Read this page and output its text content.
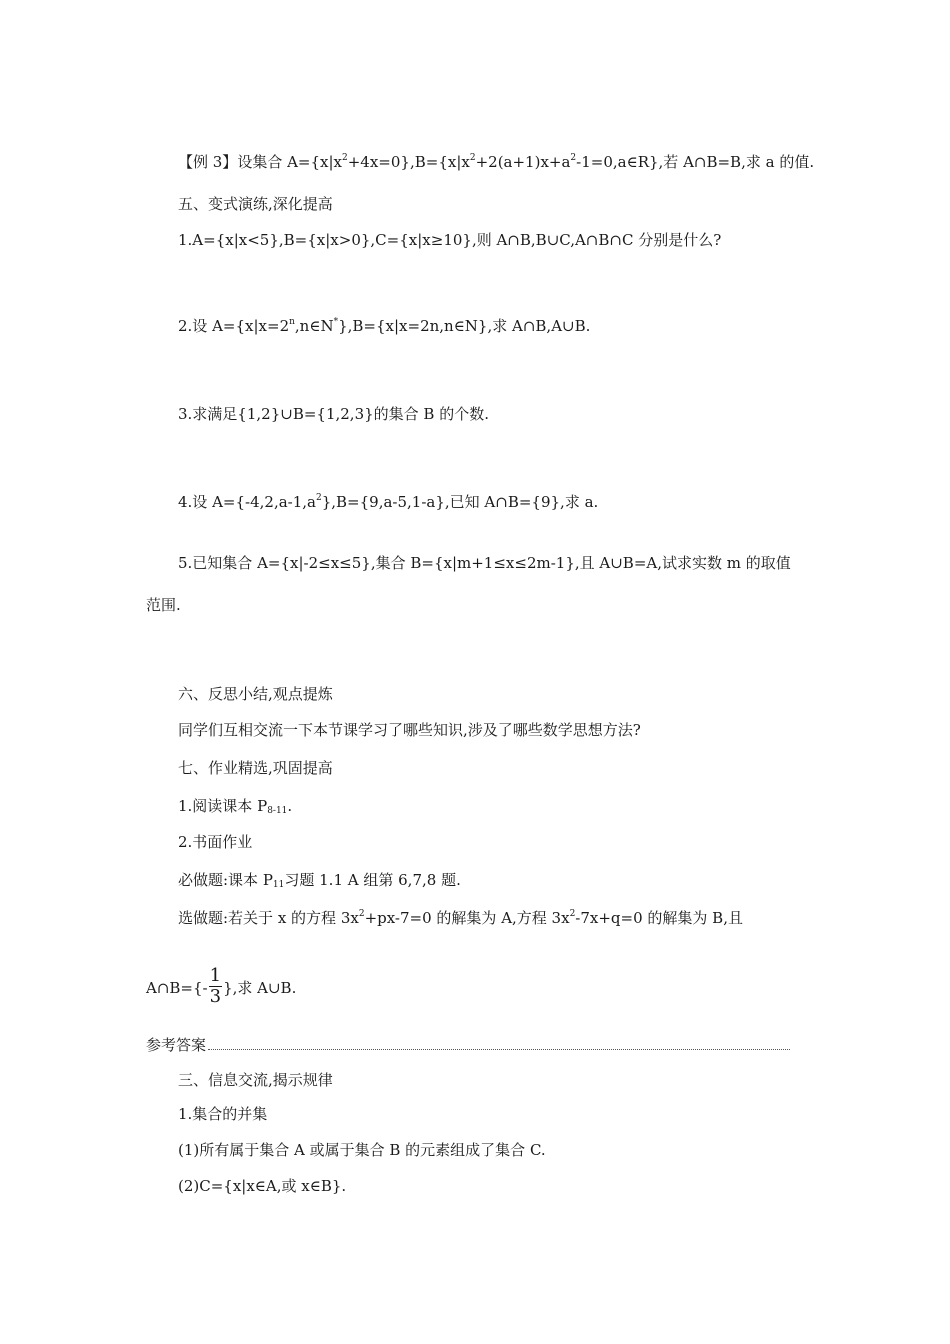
【例 3】设集合 $A=\{x|x^2+4x=0\},B=\{x|x^2+2(a+1)x+a^2-1=0,a\in R\}$,若 A∩B=B,求 a 的值.
五、变式演练,深化提高
1.A={x|x<5},B={x|x>0},C={x|x≥10},则 A∩B,B∪C,A∩B∩C 分别是什么?
2.设 $A=\{x|x=2^n,n\in N^*\},B=\{x|x=2n,n\in N\}$,求 A∩B,A∪B.
3.求满足{1,2}∪B={1,2,3}的集合 B 的个数.
4.设 $A=\{-4,2,a-1,a^2\},B=\{9,a-5,1-a\}$,已知 A∩B={9},求 a.
5.已知集合 A={x|-2≤x≤5},集合 B={x|m+1≤x≤2m-1},且 A∪B=A,试求实数 m 的取值
范围.
六、反思小结,观点提炼
同学们互相交流一下本节课学习了哪些知识,涉及了哪些数学思想方法?
七、作业精选,巩固提高
1.阅读课本 $P_{8-11}$.
2.书面作业
必做题:课本 $P_{11}$习题 1.1 A 组第 6,7,8 题.
选做题:若关于 x 的方程 $3x^2+px-7=0$ 的解集为 A,方程 $3x^2-7x+q=0$ 的解集为 B,且
A∩B={- $\frac{1}{3}$ },求 A∪B.
参考答案
三、信息交流,揭示规律
1.集合的并集
(1)所有属于集合 A 或属于集合 B 的元素组成了集合 C.
(2)C={x|x∈A,或 x∈B}.
